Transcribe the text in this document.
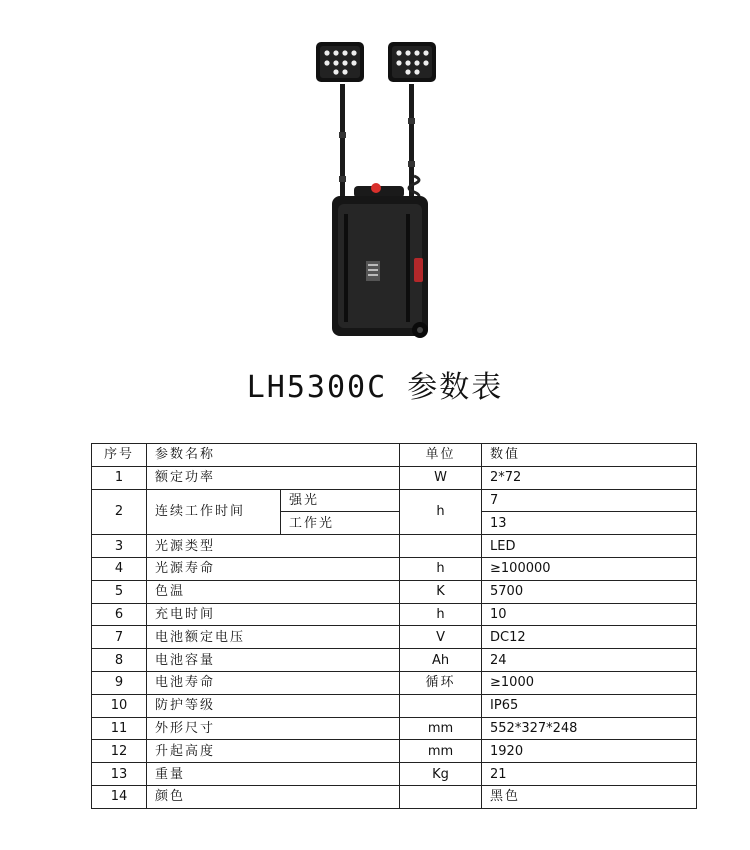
LH5300C 参数表
序号	参数名称		单位	数值
1	额定功率		W	2*72
2	连续工作时间	强光	h	7
		工作光		13
3	光源类型			LED
4	光源寿命		h	≥100000
5	色温		K	5700
6	充电时间		h	10
7	电池额定电压		V	DC12
8	电池容量		Ah	24
9	电池寿命		循环	≥1000
10	防护等级			IP65
11	外形尺寸		mm	552*327*248
12	升起高度		mm	1920
13	重量		Kg	21
14	颜色			黑色
